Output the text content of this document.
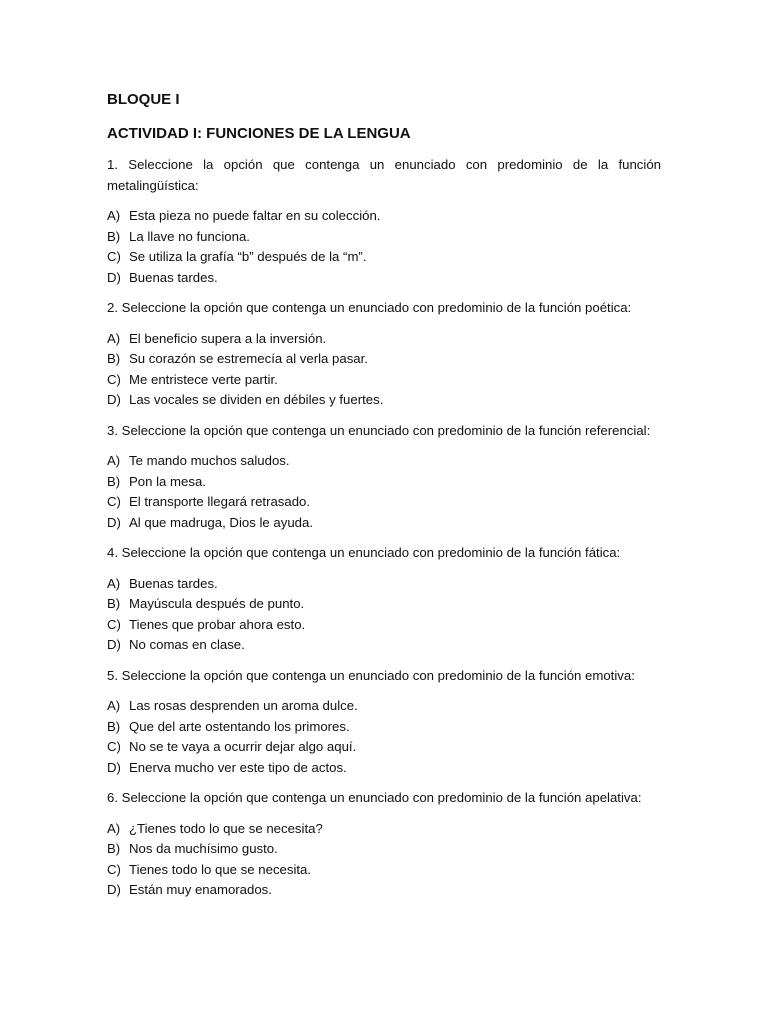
BLOQUE I
ACTIVIDAD I: FUNCIONES DE LA LENGUA

1. Seleccione la opción que contenga un enunciado con predominio de la función metalingüística:

A) Esta pieza no puede faltar en su colección.
B) La llave no funciona.
C) Se utiliza la grafía “b” después de la “m”.
D) Buenas tardes.

2. Seleccione la opción que contenga un enunciado con predominio de la función poética:

A) El beneficio supera a la inversión.
B) Su corazón se estremecía al verla pasar.
C) Me entristece verte partir.
D) Las vocales se dividen en débiles y fuertes.

3. Seleccione la opción que contenga un enunciado con predominio de la función referencial:

A) Te mando muchos saludos.
B) Pon la mesa.
C) El transporte llegará retrasado.
D) Al que madruga, Dios le ayuda.

4. Seleccione la opción que contenga un enunciado con predominio de la función fática:

A) Buenas tardes.
B) Mayúscula después de punto.
C) Tienes que probar ahora esto.
D) No comas en clase.

5. Seleccione la opción que contenga un enunciado con predominio de la función emotiva:

A) Las rosas desprenden un aroma dulce.
B) Que del arte ostentando los primores.
C) No se te vaya a ocurrir dejar algo aquí.
D) Enerva mucho ver este tipo de actos.

6. Seleccione la opción que contenga un enunciado con predominio de la función apelativa:

A) ¿Tienes todo lo que se necesita?
B) Nos da muchísimo gusto.
C) Tienes todo lo que se necesita.
D) Están muy enamorados.
